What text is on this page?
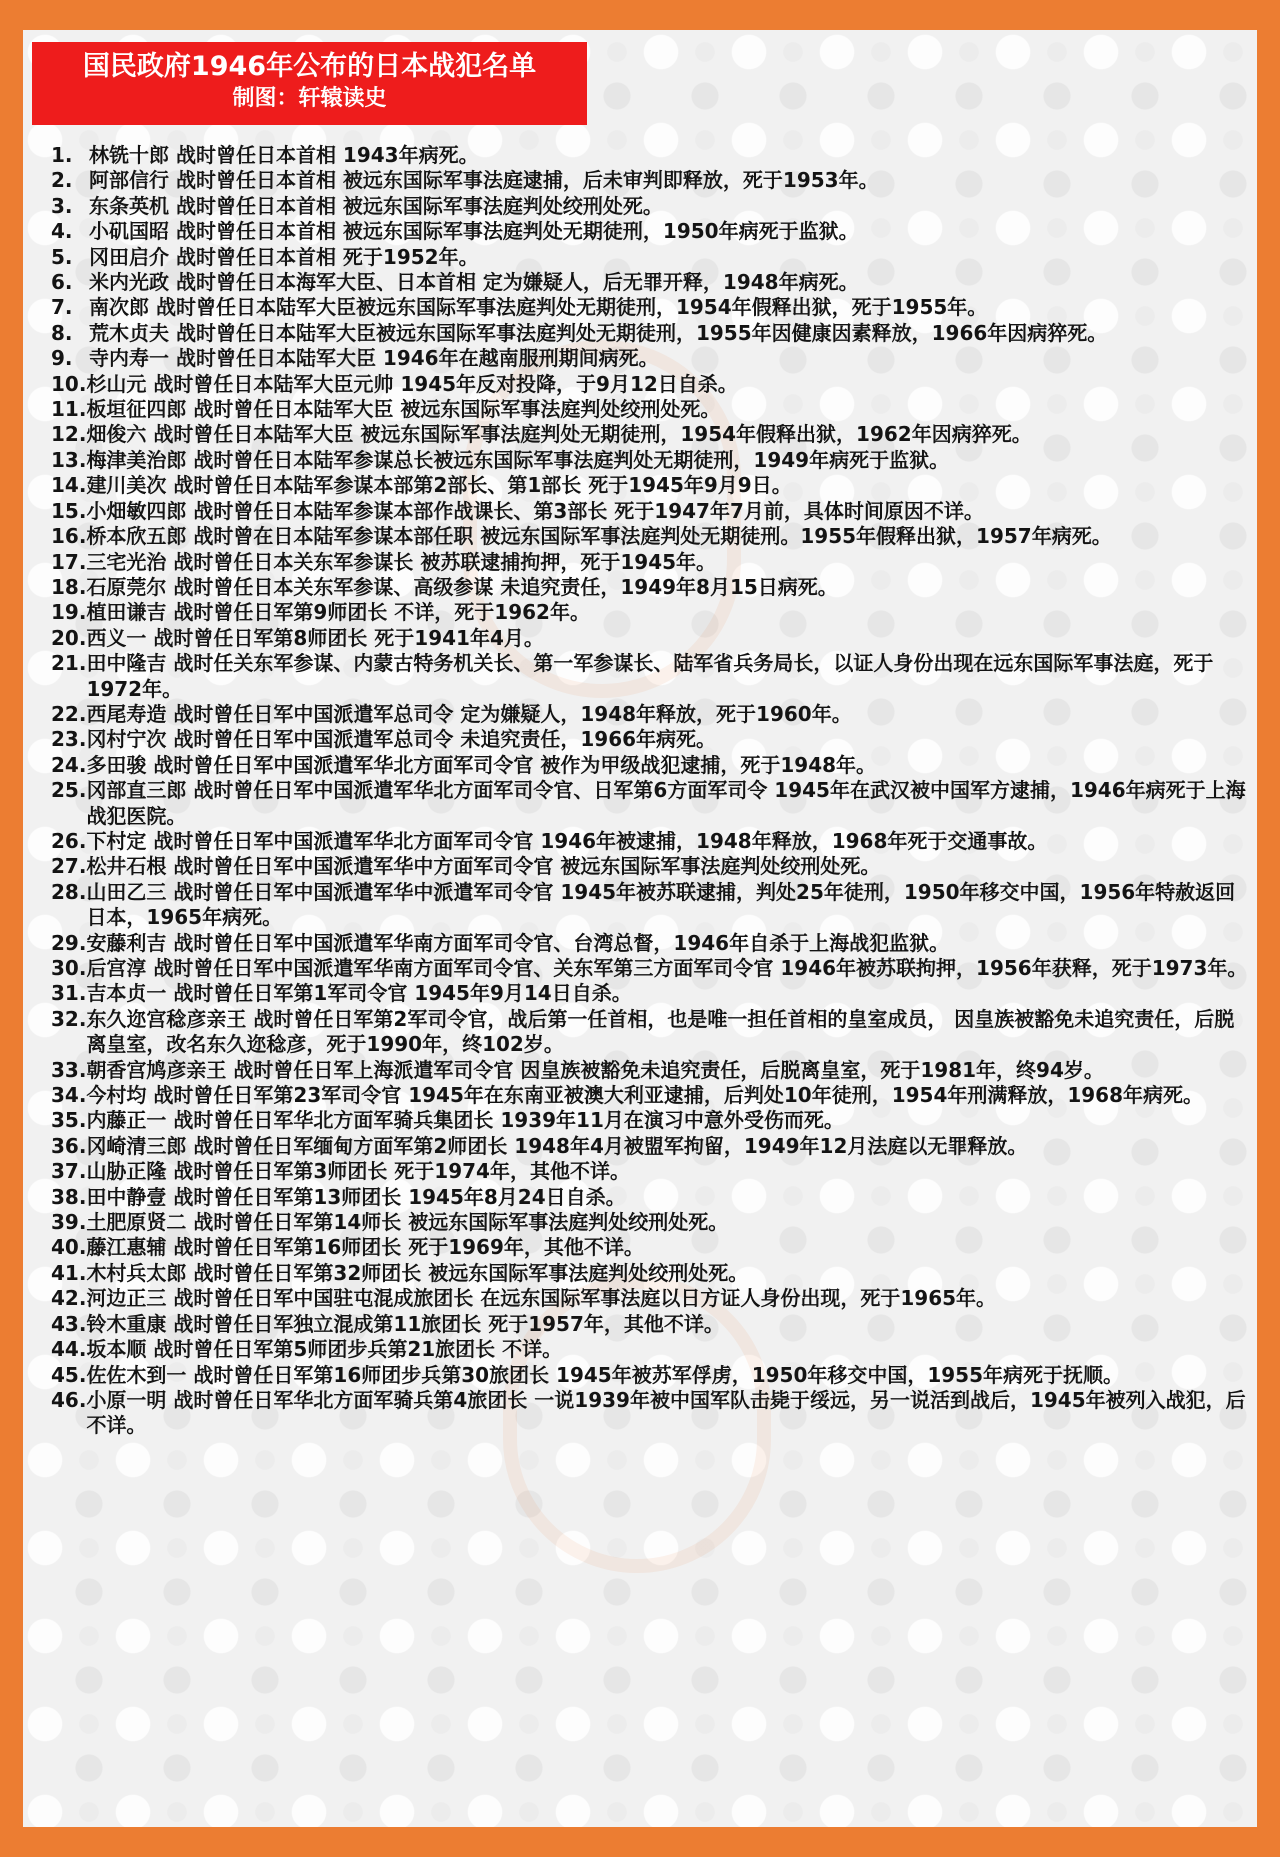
国民政府1946年公布的日本战犯名单
制图：轩辕读史
1. 林铣十郎 战时曾任日本首相 1943年病死。
2. 阿部信行 战时曾任日本首相 被远东国际军事法庭逮捕，后未审判即释放，死于1953年。
3. 东条英机 战时曾任日本首相 被远东国际军事法庭判处绞刑处死。
4. 小矶国昭 战时曾任日本首相 被远东国际军事法庭判处无期徒刑，1950年病死于监狱。
5. 冈田启介 战时曾任日本首相 死于1952年。
6. 米内光政 战时曾任日本海军大臣、日本首相 定为嫌疑人，后无罪开释，1948年病死。
7. 南次郎 战时曾任日本陆军大臣被远东国际军事法庭判处无期徒刑，1954年假释出狱，死于1955年。
8. 荒木贞夫 战时曾任日本陆军大臣被远东国际军事法庭判处无期徒刑，1955年因健康因素释放，1966年因病猝死。
9. 寺内寿一 战时曾任日本陆军大臣 1946年在越南服刑期间病死。
10. 杉山元 战时曾任日本陆军大臣元帅 1945年反对投降，于9月12日自杀。
11. 板垣征四郎 战时曾任日本陆军大臣 被远东国际军事法庭判处绞刑处死。
12. 畑俊六 战时曾任日本陆军大臣 被远东国际军事法庭判处无期徒刑，1954年假释出狱，1962年因病猝死。
13. 梅津美治郎 战时曾任日本陆军参谋总长被远东国际军事法庭判处无期徒刑，1949年病死于监狱。
14. 建川美次 战时曾任日本陆军参谋本部第2部长、第1部长 死于1945年9月9日。
15. 小畑敏四郎 战时曾任日本陆军参谋本部作战课长、第3部长 死于1947年7月前，具体时间原因不详。
16. 桥本欣五郎 战时曾在日本陆军参谋本部任职 被远东国际军事法庭判处无期徒刑。1955年假释出狱，1957年病死。
17. 三宅光治 战时曾任日本关东军参谋长 被苏联逮捕拘押，死于1945年。
18. 石原莞尔 战时曾任日本关东军参谋、高级参谋 未追究责任，1949年8月15日病死。
19. 植田谦吉 战时曾任日军第9师团长 不详，死于1962年。
20. 西义一 战时曾任日军第8师团长 死于1941年4月。
21. 田中隆吉 战时任关东军参谋、内蒙古特务机关长、第一军参谋长、陆军省兵务局长，以证人身份出现在远东国际军事法庭，死于1972年。
22. 西尾寿造 战时曾任日军中国派遣军总司令 定为嫌疑人，1948年释放，死于1960年。
23. 冈村宁次 战时曾任日军中国派遣军总司令 未追究责任，1966年病死。
24. 多田骏 战时曾任日军中国派遣军华北方面军司令官 被作为甲级战犯逮捕，死于1948年。
25. 冈部直三郎 战时曾任日军中国派遣军华北方面军司令官、日军第6方面军司令 1945年在武汉被中国军方逮捕，1946年病死于上海战犯医院。
26. 下村定 战时曾任日军中国派遣军华北方面军司令官 1946年被逮捕，1948年释放，1968年死于交通事故。
27. 松井石根 战时曾任日军中国派遣军华中方面军司令官 被远东国际军事法庭判处绞刑处死。
28. 山田乙三 战时曾任日军中国派遣军华中派遣军司令官 1945年被苏联逮捕，判处25年徒刑，1950年移交中国，1956年特赦返回日本，1965年病死。
29. 安藤利吉 战时曾任日军中国派遣军华南方面军司令官、台湾总督，1946年自杀于上海战犯监狱。
30. 后宫淳 战时曾任日军中国派遣军华南方面军司令官、关东军第三方面军司令官 1946年被苏联拘押，1956年获释，死于1973年。
31. 吉本贞一 战时曾任日军第1军司令官 1945年9月14日自杀。
32. 东久迩宫稔彦亲王 战时曾任日军第2军司令官，战后第一任首相，也是唯一担任首相的皇室成员， 因皇族被豁免未追究责任，后脱离皇室，改名东久迩稔彦，死于1990年，终102岁。
33. 朝香宫鸠彦亲王 战时曾任日军上海派遣军司令官 因皇族被豁免未追究责任，后脱离皇室，死于1981年，终94岁。
34. 今村均 战时曾任日军第23军司令官 1945年在东南亚被澳大利亚逮捕，后判处10年徒刑，1954年刑满释放，1968年病死。
35. 内藤正一 战时曾任日军华北方面军骑兵集团长 1939年11月在演习中意外受伤而死。
36. 冈崎清三郎 战时曾任日军缅甸方面军第2师团长 1948年4月被盟军拘留，1949年12月法庭以无罪释放。
37. 山胁正隆 战时曾任日军第3师团长 死于1974年，其他不详。
38. 田中静壹 战时曾任日军第13师团长 1945年8月24日自杀。
39. 土肥原贤二 战时曾任日军第14师长 被远东国际军事法庭判处绞刑处死。
40. 藤江惠辅 战时曾任日军第16师团长 死于1969年，其他不详。
41. 木村兵太郎 战时曾任日军第32师团长 被远东国际军事法庭判处绞刑处死。
42. 河边正三 战时曾任日军中国驻屯混成旅团长 在远东国际军事法庭以日方证人身份出现，死于1965年。
43. 铃木重康 战时曾任日军独立混成第11旅团长 死于1957年，其他不详。
44. 坂本顺 战时曾任日军第5师团步兵第21旅团长 不详。
45. 佐佐木到一 战时曾任日军第16师团步兵第30旅团长 1945年被苏军俘虏，1950年移交中国，1955年病死于抚顺。
46. 小原一明 战时曾任日军华北方面军骑兵第4旅团长 一说1939年被中国军队击毙于绥远，另一说活到战后，1945年被列入战犯，后不详。
